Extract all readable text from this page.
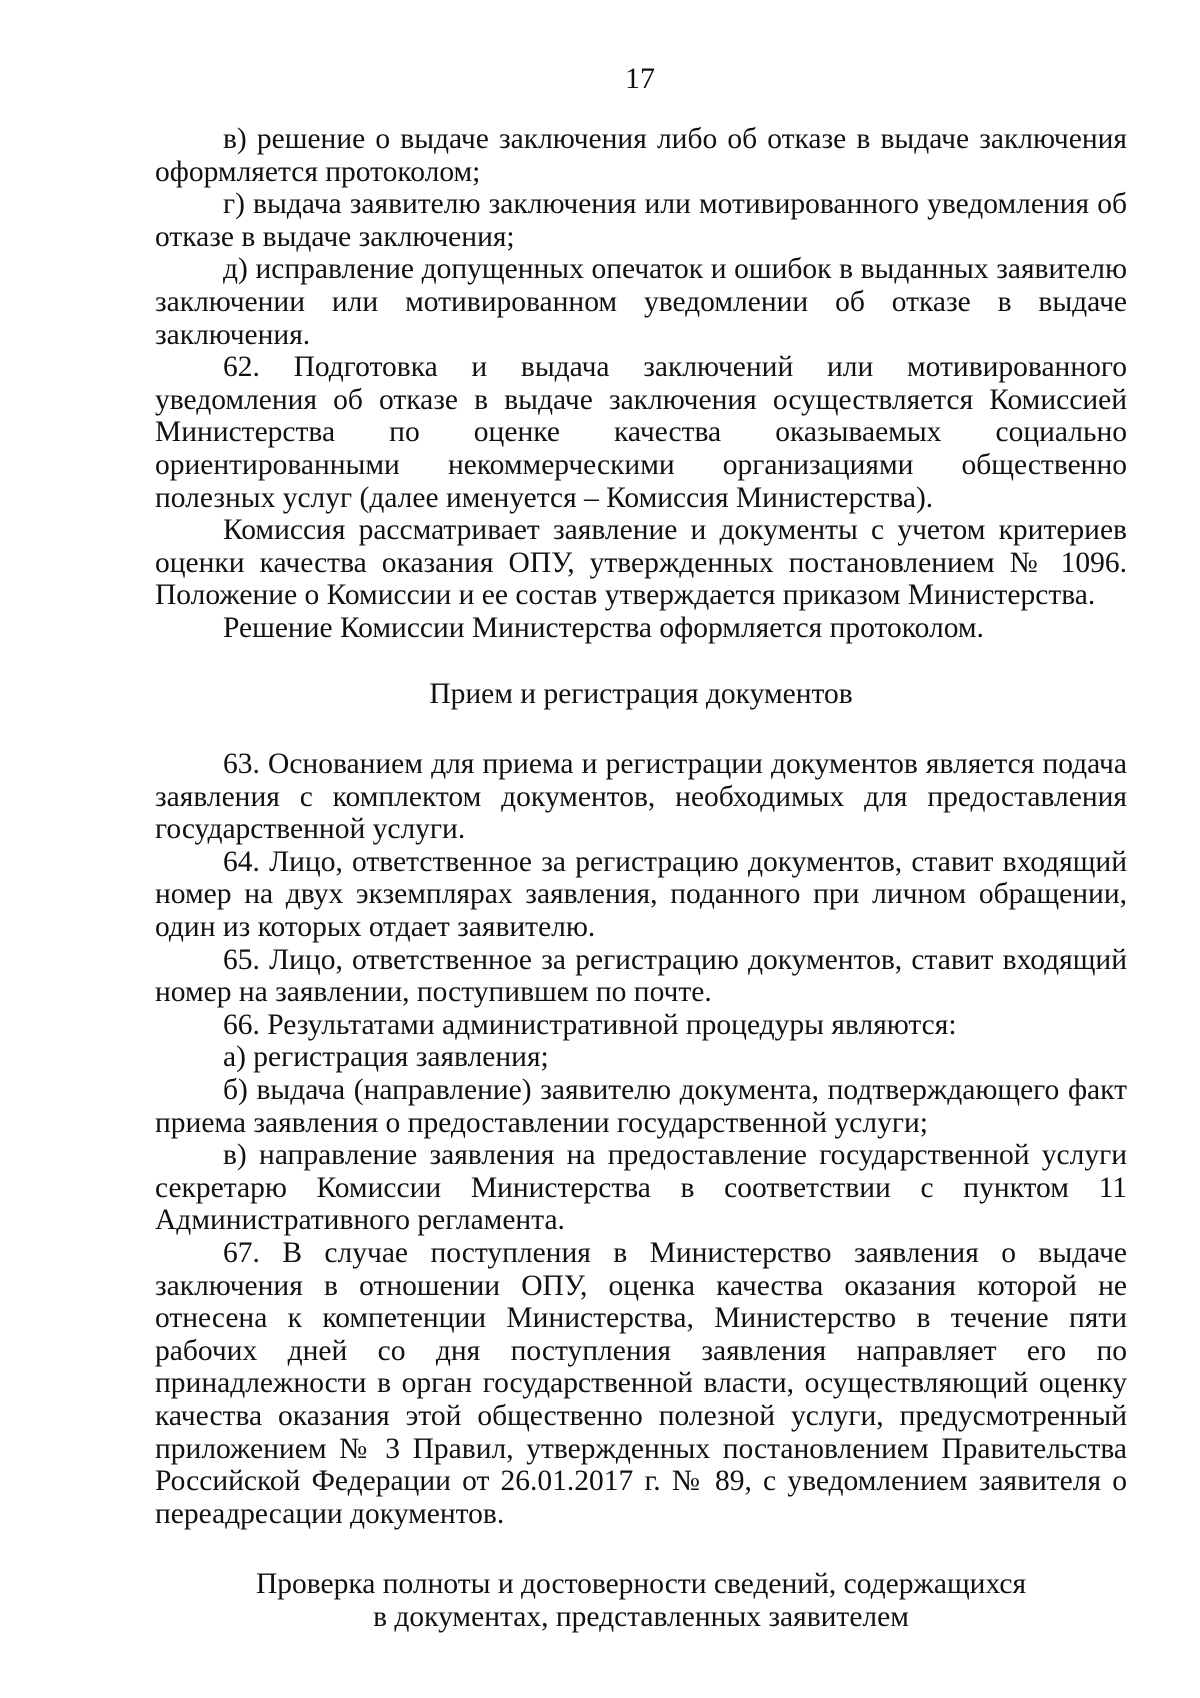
17

в) решение о выдаче заключения либо об отказе в выдаче заключения оформляется протоколом;

г) выдача заявителю заключения или мотивированного уведомления об отказе в выдаче заключения;

д) исправление допущенных опечаток и ошибок в выданных заявителю заключении или мотивированном уведомлении об отказе в выдаче заключения.

62. Подготовка и выдача заключений или мотивированного уведомления об отказе в выдаче заключения осуществляется Комиссией Министерства по оценке качества оказываемых социально ориентированными некоммерческими организациями общественно полезных услуг (далее именуется – Комиссия Министерства).

Комиссия рассматривает заявление и документы с учетом критериев оценки качества оказания ОПУ, утвержденных постановлением № 1096. Положение о Комиссии и ее состав утверждается приказом Министерства.

Решение Комиссии Министерства оформляется протоколом.

Прием и регистрация документов

63. Основанием для приема и регистрации документов является подача заявления с комплектом документов, необходимых для предоставления государственной услуги.

64. Лицо, ответственное за регистрацию документов, ставит входящий номер на двух экземплярах заявления, поданного при личном обращении, один из которых отдает заявителю.

65. Лицо, ответственное за регистрацию документов, ставит входящий номер на заявлении, поступившем по почте.

66. Результатами административной процедуры являются:

а) регистрация заявления;

б) выдача (направление) заявителю документа, подтверждающего факт приема заявления о предоставлении государственной услуги;

в) направление заявления на предоставление государственной услуги секретарю Комиссии Министерства в соответствии с пунктом 11 Административного регламента.

67. В случае поступления в Министерство заявления о выдаче заключения в отношении ОПУ, оценка качества оказания которой не отнесена к компетенции Министерства, Министерство в течение пяти рабочих дней со дня поступления заявления направляет его по принадлежности в орган государственной власти, осуществляющий оценку качества оказания этой общественно полезной услуги, предусмотренный приложением № 3 Правил, утвержденных постановлением Правительства Российской Федерации от 26.01.2017 г. № 89, с уведомлением заявителя о переадресации документов.

Проверка полноты и достоверности сведений, содержащихся
в документах, представленных заявителем
